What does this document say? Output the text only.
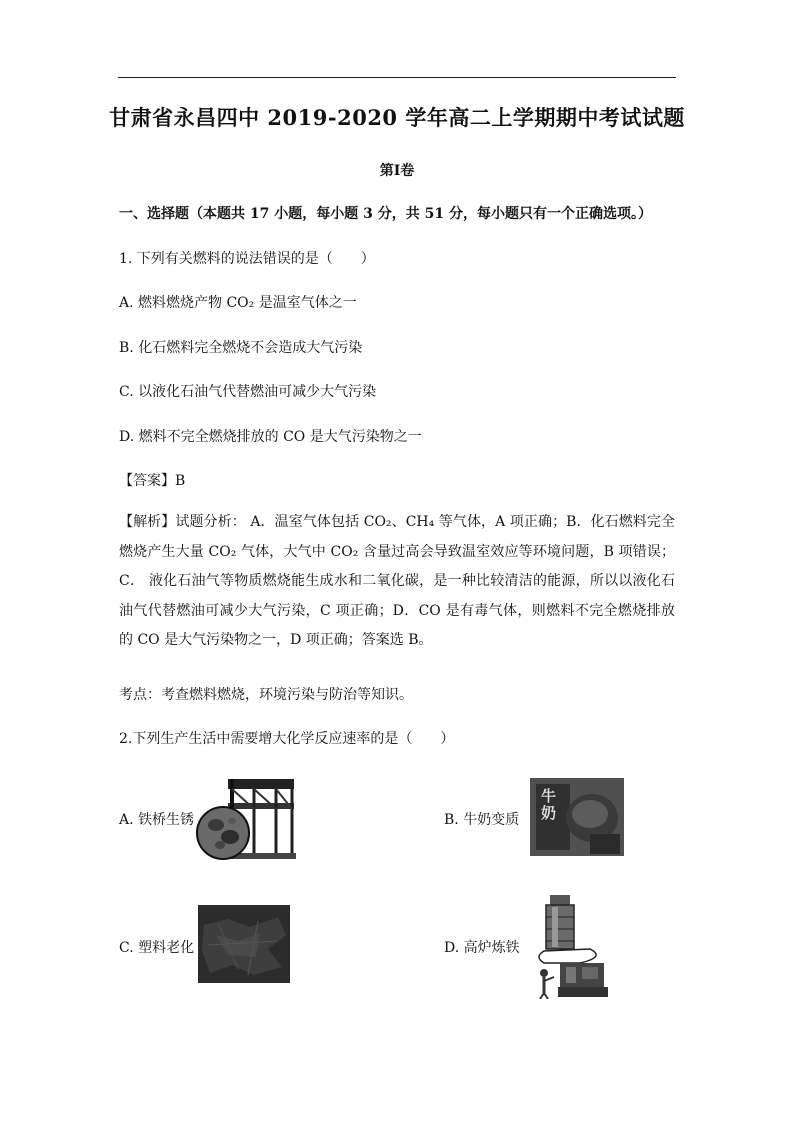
甘肃省永昌四中 2019-2020 学年高二上学期期中考试试题
第Ⅰ卷
一、选择题（本题共 17 小题，每小题 3 分，共 51 分，每小题只有一个正确选项。）
1. 下列有关燃料的说法错误的是（　　）
A. 燃料燃烧产物 CO₂ 是温室气体之一
B. 化石燃料完全燃烧不会造成大气污染
C. 以液化石油气代替燃油可减少大气污染
D. 燃料不完全燃烧排放的 CO 是大气污染物之一
【答案】B
【解析】试题分析： A．温室气体包括 CO₂、CH₄ 等气体，A 项正确；B．化石燃料完全燃烧产生大量 CO₂ 气体，大气中 CO₂ 含量过高会导致温室效应等环境问题，B 项错误；C． 液化石油气等物质燃烧能生成水和二氧化碳，是一种比较清洁的能源，所以以液化石油气代替燃油可减少大气污染，C 项正确；D．CO 是有毒气体，则燃料不完全燃烧排放的 CO 是大气污染物之一，D 项正确；答案选 B。
考点：考查燃料燃烧，环境污染与防治等知识。
2.下列生产生活中需要增大化学反应速率的是（　　）
A. 铁桥生锈	B. 牛奶变质 牛奶
C. 塑料老化	D. 高炉炼铁
